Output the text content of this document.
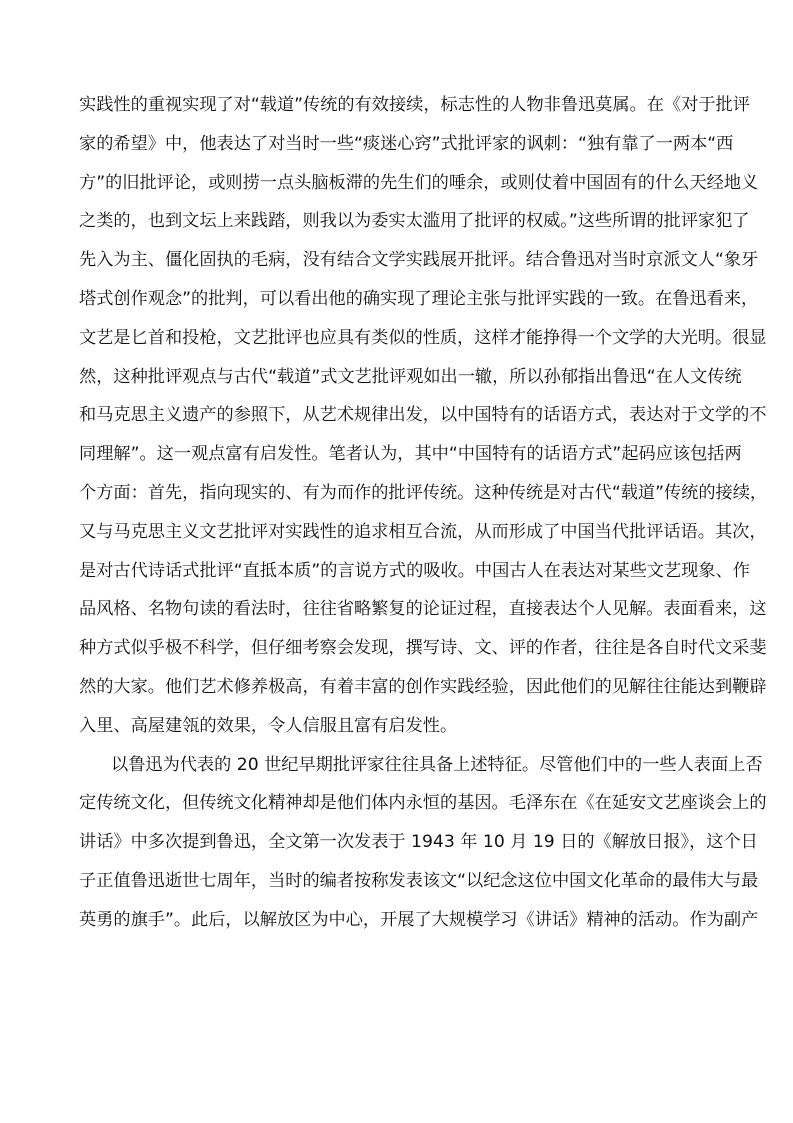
实践性的重视实现了对“载道”传统的有效接续，标志性的人物非鲁迅莫属。在《对于批评
家的希望》中，他表达了对当时一些“痰迷心窍”式批评家的讽刺：“独有靠了一两本“西
方”的旧批评论，或则捞一点头脑板滞的先生们的唾余，或则仗着中国固有的什么天经地义
之类的，也到文坛上来践踏，则我以为委实太滥用了批评的权威。”这些所谓的批评家犯了
先入为主、僵化固执的毛病，没有结合文学实践展开批评。结合鲁迅对当时京派文人“象牙
塔式创作观念”的批判，可以看出他的确实现了理论主张与批评实践的一致。在鲁迅看来，
文艺是匕首和投枪，文艺批评也应具有类似的性质，这样才能挣得一个文学的大光明。很显
然，这种批评观点与古代“载道”式文艺批评观如出一辙，所以孙郁指出鲁迅“在人文传统
和马克思主义遗产的参照下，从艺术规律出发，以中国特有的话语方式，表达对于文学的不
同理解”。这一观点富有启发性。笔者认为，其中“中国特有的话语方式”起码应该包括两
个方面：首先，指向现实的、有为而作的批评传统。这种传统是对古代“载道”传统的接续，
又与马克思主义文艺批评对实践性的追求相互合流，从而形成了中国当代批评话语。其次，
是对古代诗话式批评“直抵本质”的言说方式的吸收。中国古人在表达对某些文艺现象、作
品风格、名物句读的看法时，往往省略繁复的论证过程，直接表达个人见解。表面看来，这
种方式似乎极不科学，但仔细考察会发现，撰写诗、文、评的作者，往往是各自时代文采斐
然的大家。他们艺术修养极高，有着丰富的创作实践经验，因此他们的见解往往能达到鞭辟
入里、高屋建瓴的效果，令人信服且富有启发性。
以鲁迅为代表的 20 世纪早期批评家往往具备上述特征。尽管他们中的一些人表面上否
定传统文化，但传统文化精神却是他们体内永恒的基因。毛泽东在《在延安文艺座谈会上的
讲话》中多次提到鲁迅，全文第一次发表于 1943 年 10 月 19 日的《解放日报》，这个日
子正值鲁迅逝世七周年，当时的编者按称发表该文“以纪念这位中国文化革命的最伟大与最
英勇的旗手”。此后，以解放区为中心，开展了大规模学习《讲话》精神的活动。作为副产
